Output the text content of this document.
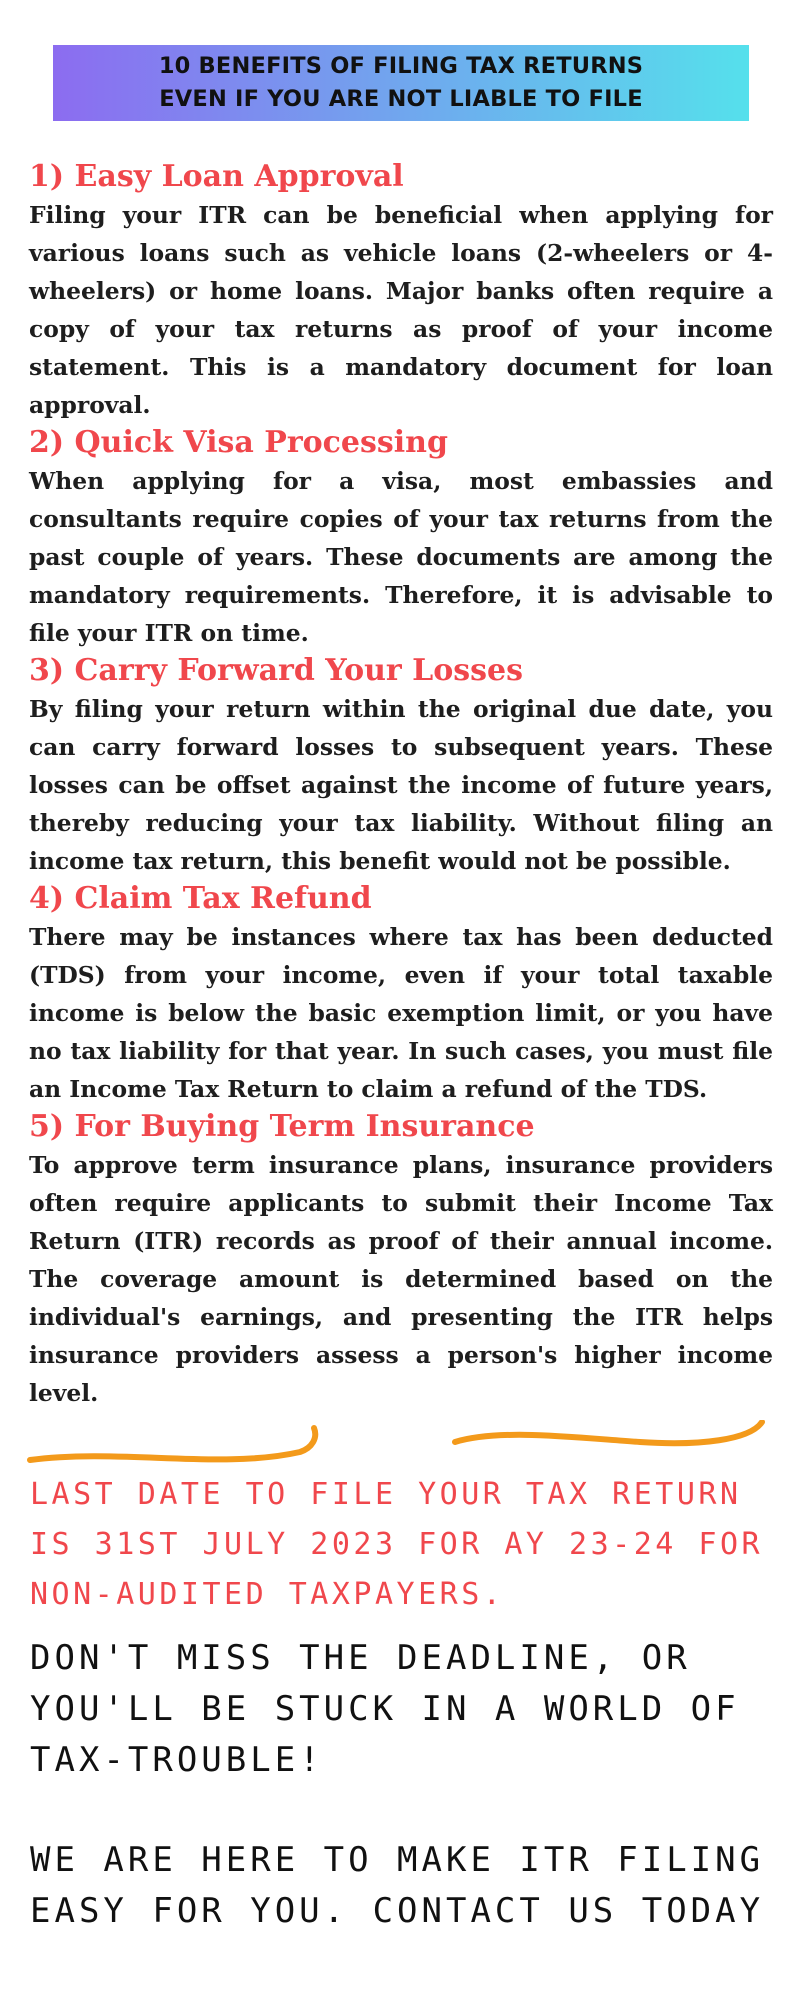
10 BENEFITS OF FILING TAX RETURNS
EVEN IF YOU ARE NOT LIABLE TO FILE
1) Easy Loan Approval

Filing your ITR can be beneficial when applying for various loans such as vehicle loans (2-wheelers or 4-wheelers) or home loans. Major banks often require a copy of your tax returns as proof of your income statement. This is a mandatory document for loan approval.

2) Quick Visa Processing

When applying for a visa, most embassies and consultants require copies of your tax returns from the past couple of years. These documents are among the mandatory requirements. Therefore, it is advisable to file your ITR on time.

3) Carry Forward Your Losses

By filing your return within the original due date, you can carry forward losses to subsequent years. These losses can be offset against the income of future years, thereby reducing your tax liability. Without filing an income tax return, this benefit would not be possible.

4) Claim Tax Refund

There may be instances where tax has been deducted (TDS) from your income, even if your total taxable income is below the basic exemption limit, or you have no tax liability for that year. In such cases, you must file an Income Tax Return to claim a refund of the TDS.

5) For Buying Term Insurance

To approve term insurance plans, insurance providers often require applicants to submit their Income Tax Return (ITR) records as proof of their annual income. The coverage amount is determined based on the individual's earnings, and presenting the ITR helps insurance providers assess a person's higher income level.

LAST DATE TO FILE YOUR TAX RETURN IS 31ST JULY 2023 FOR AY 23-24 FOR NON-AUDITED TAXPAYERS.

DON'T MISS THE DEADLINE, OR YOU'LL BE STUCK IN A WORLD OF TAX-TROUBLE!

WE ARE HERE TO MAKE ITR FILING EASY FOR YOU. CONTACT US TODAY
